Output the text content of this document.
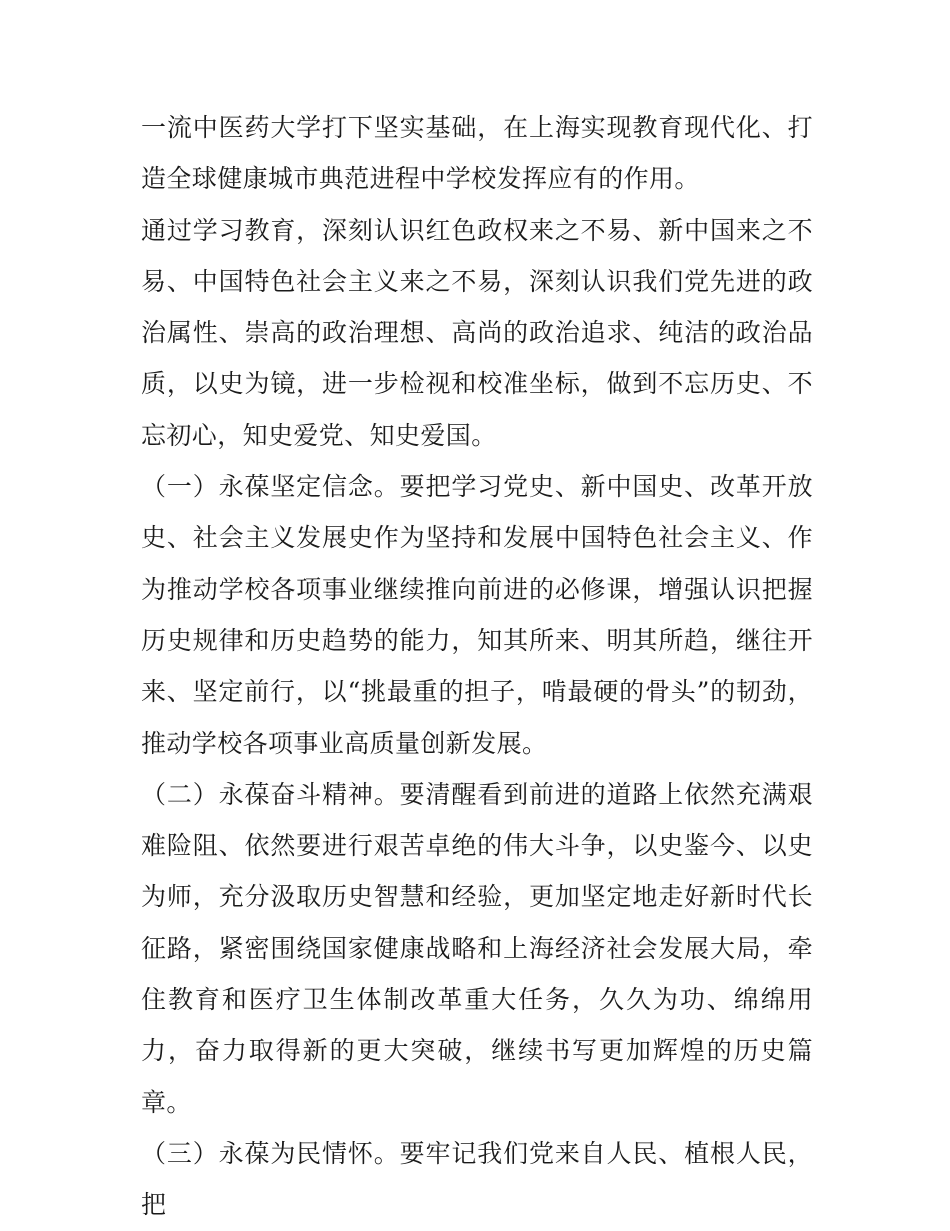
一流中医药大学打下坚实基础，在上海实现教育现代化、打造全球健康城市典范进程中学校发挥应有的作用。

通过学习教育，深刻认识红色政权来之不易、新中国来之不易、中国特色社会主义来之不易，深刻认识我们党先进的政治属性、崇高的政治理想、高尚的政治追求、纯洁的政治品质，以史为镜，进一步检视和校准坐标，做到不忘历史、不忘初心，知史爱党、知史爱国。

（一）永葆坚定信念。要把学习党史、新中国史、改革开放史、社会主义发展史作为坚持和发展中国特色社会主义、作为推动学校各项事业继续推向前进的必修课，增强认识把握历史规律和历史趋势的能力，知其所来、明其所趋，继往开来、坚定前行，以“挑最重的担子，啃最硬的骨头”的韧劲，推动学校各项事业高质量创新发展。

（二）永葆奋斗精神。要清醒看到前进的道路上依然充满艰难险阻、依然要进行艰苦卓绝的伟大斗争，以史鉴今、以史为师，充分汲取历史智慧和经验，更加坚定地走好新时代长征路，紧密围绕国家健康战略和上海经济社会发展大局，牵住教育和医疗卫生体制改革重大任务，久久为功、绵绵用力，奋力取得新的更大突破，继续书写更加辉煌的历史篇章。

（三）永葆为民情怀。要牢记我们党来自人民、植根人民，把
